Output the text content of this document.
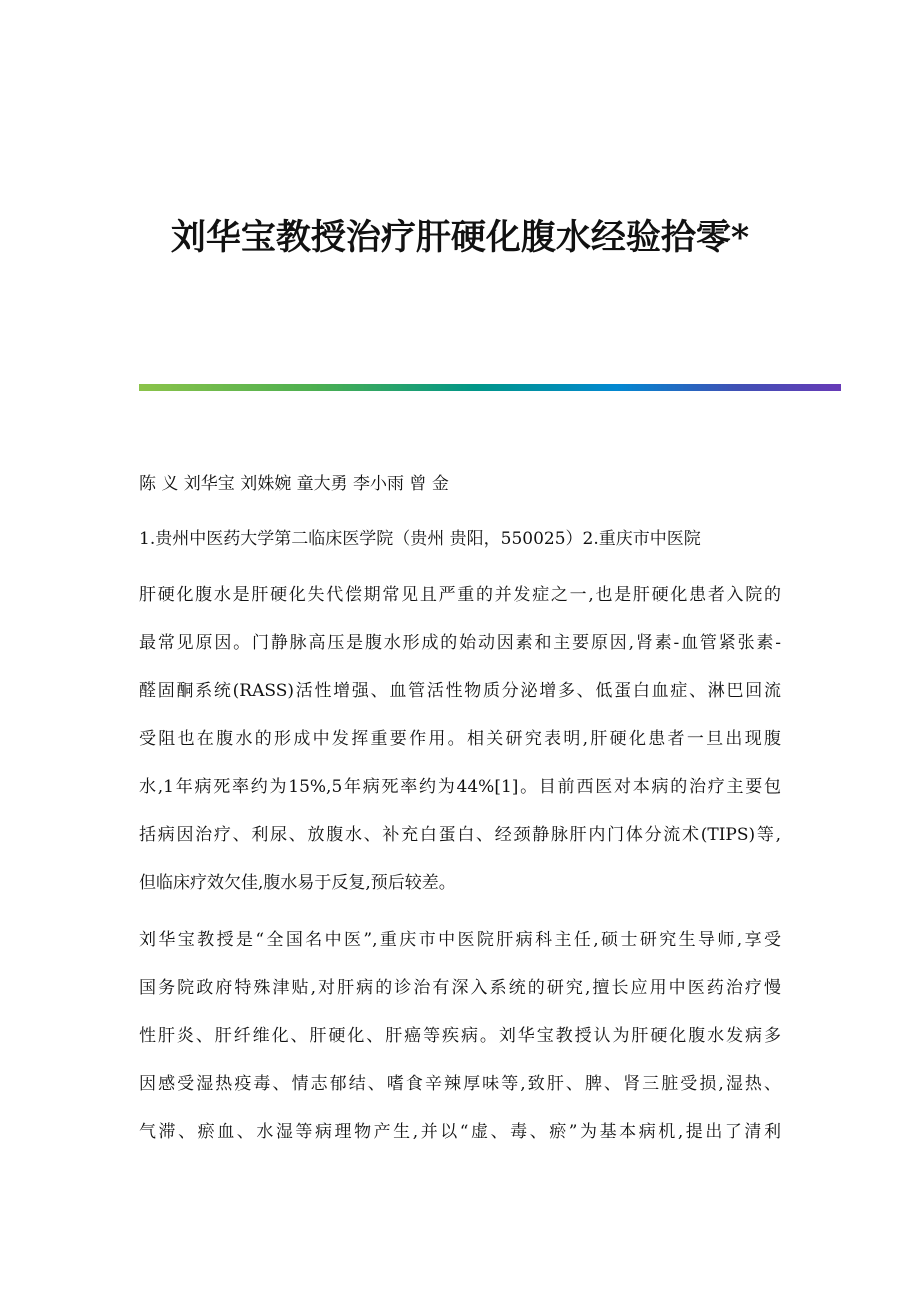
刘华宝教授治疗肝硬化腹水经验拾零*
陈 义 刘华宝 刘姝婉 童大勇 李小雨 曾 金
1.贵州中医药大学第二临床医学院（贵州 贵阳，550025）2.重庆市中医院
肝硬化腹水是肝硬化失代偿期常见且严重的并发症之一,也是肝硬化患者入院的
最常见原因。门静脉高压是腹水形成的始动因素和主要原因,肾素-血管紧张素-
醛固酮系统(RASS)活性增强、血管活性物质分泌增多、低蛋白血症、淋巴回流
受阻也在腹水的形成中发挥重要作用。相关研究表明,肝硬化患者一旦出现腹
水,1年病死率约为15%,5年病死率约为44%[1]。目前西医对本病的治疗主要包
括病因治疗、利尿、放腹水、补充白蛋白、经颈静脉肝内门体分流术(TIPS)等,
但临床疗效欠佳,腹水易于反复,预后较差。
刘华宝教授是“全国名中医”,重庆市中医院肝病科主任,硕士研究生导师,享受
国务院政府特殊津贴,对肝病的诊治有深入系统的研究,擅长应用中医药治疗慢
性肝炎、肝纤维化、肝硬化、肝癌等疾病。刘华宝教授认为肝硬化腹水发病多
因感受湿热疫毒、情志郁结、嗜食辛辣厚味等,致肝、脾、肾三脏受损,湿热、
气滞、瘀血、水湿等病理物产生,并以“虚、毒、瘀”为基本病机,提出了清利
